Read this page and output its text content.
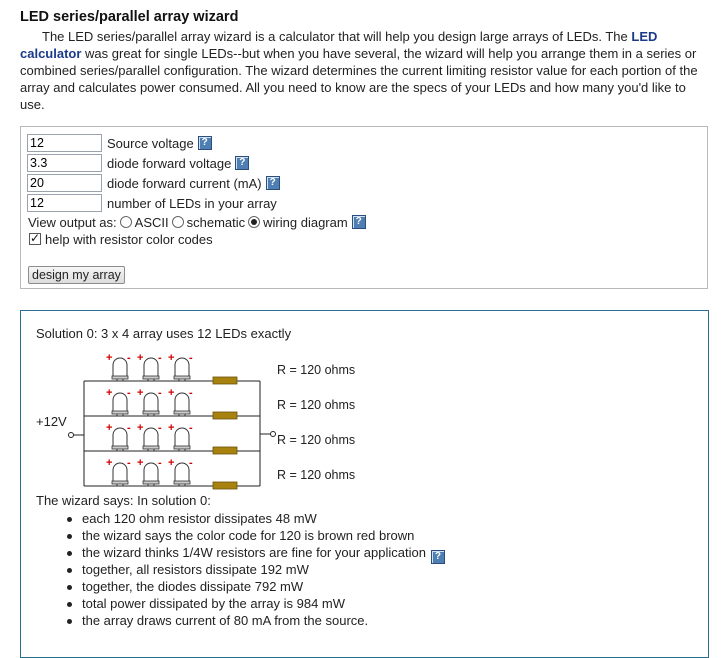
LED series/parallel array wizard

The LED series/parallel array wizard is a calculator that will help you design large arrays of LEDs. The LED calculator was great for single LEDs--but when you have several, the wizard will help you arrange them in a series or combined series/parallel configuration. The wizard determines the current limiting resistor value for each portion of the array and calculates power consumed. All you need to know are the specs of your LEDs and how many you'd like to use.

12
Source voltage ?
3.3
diode forward voltage ?
20
diode forward current (mA) ?
12
number of LEDs in your array
View output as: ASCII schematic wiring diagram ?
✓
help with resistor color codes
design my array
Solution 0: 3 x 4 array uses 12 LEDs exactly
+12V
+ - + - + -
+ - + - + -
+ - + - + -
+ - + - + -
R = 120 ohms
R = 120 ohms
R = 120 ohms
R = 120 ohms
The wizard says: In solution 0:
each 120 ohm resistor dissipates 48 mW
the wizard says the color code for 120 is brown red brown
the wizard thinks 1/4W resistors are fine for your application ?
together, all resistors dissipate 192 mW
together, the diodes dissipate 792 mW
total power dissipated by the array is 984 mW
the array draws current of 80 mA from the source.
